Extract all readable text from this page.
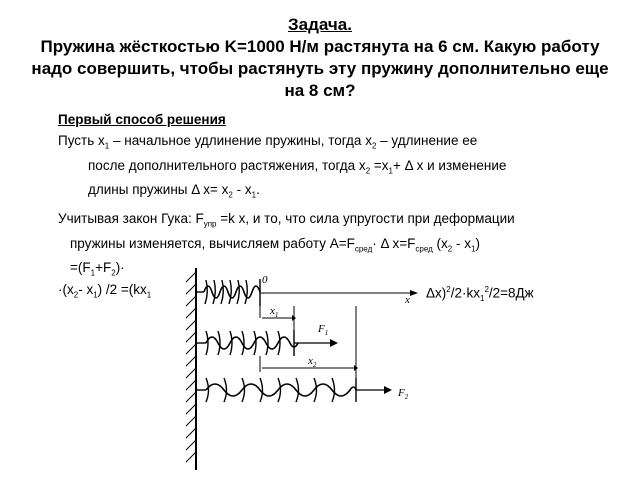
Задача.
Пружина жёсткостью K=1000 Н/м растянута на 6 см. Какую работу надо совершить, чтобы растянуть эту пружину дополнительно еще на 8 см?
Первый способ решения
Пусть $x_1$ – начальное удлинение пружины, тогда $x_2$ – удлинение ее
после дополнительного растяжения, тогда $x_2 =x_1+ \Delta$ x и изменение
длины пружины Δ $x= x_2 - x_1$.
Учитывая закон Гука: $F_{упр} =k$ x, и то, что сила упругости при деформации
пружины изменяется, вычисляем работу $A=F_{сред}\cdot \Delta$ $x=F_{сред}$ $(x_2 - x_1)$
$=(F_1+F_2)\cdot$
$\cdot(x_2-$ $x_1$) $/2 =(kx_1$	$\Delta x)^2/2\cdot kx_1^2/2=8Дж$
0
x
$x_1$
$x_2$
$F_1$
$F_2$
